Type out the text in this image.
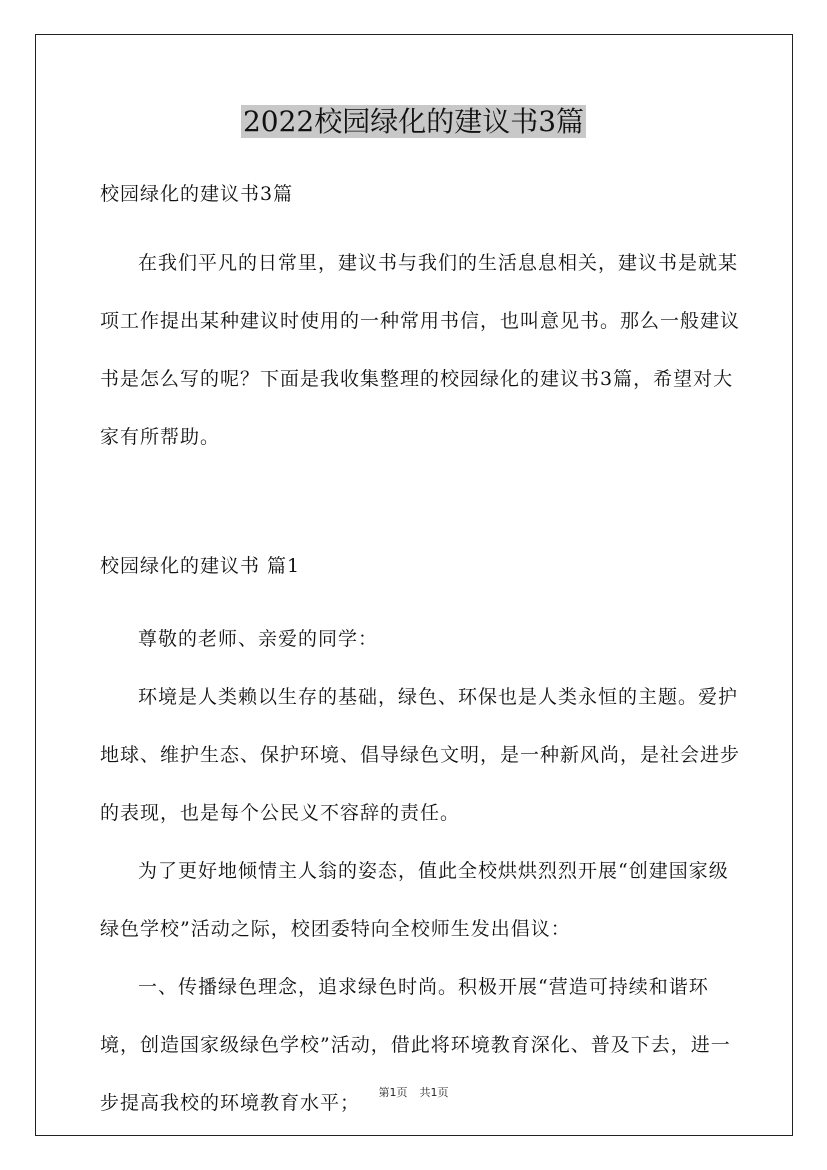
2022校园绿化的建议书3篇

校园绿化的建议书3篇

在我们平凡的日常里，建议书与我们的生活息息相关，建议书是就某项工作提出某种建议时使用的一种常用书信，也叫意见书。那么一般建议书是怎么写的呢？下面是我收集整理的校园绿化的建议书3篇，希望对大家有所帮助。

校园绿化的建议书 篇1

尊敬的老师、亲爱的同学：

环境是人类赖以生存的基础，绿色、环保也是人类永恒的主题。爱护地球、维护生态、保护环境、倡导绿色文明，是一种新风尚，是社会进步的表现，也是每个公民义不容辞的责任。

为了更好地倾情主人翁的姿态，值此全校烘烘烈烈开展“创建国家级绿色学校”活动之际，校团委特向全校师生发出倡议：

一、传播绿色理念，追求绿色时尚。积极开展“营造可持续和谐环境，创造国家级绿色学校”活动，借此将环境教育深化、普及下去，进一步提高我校的环境教育水平；	第1页 共1页
